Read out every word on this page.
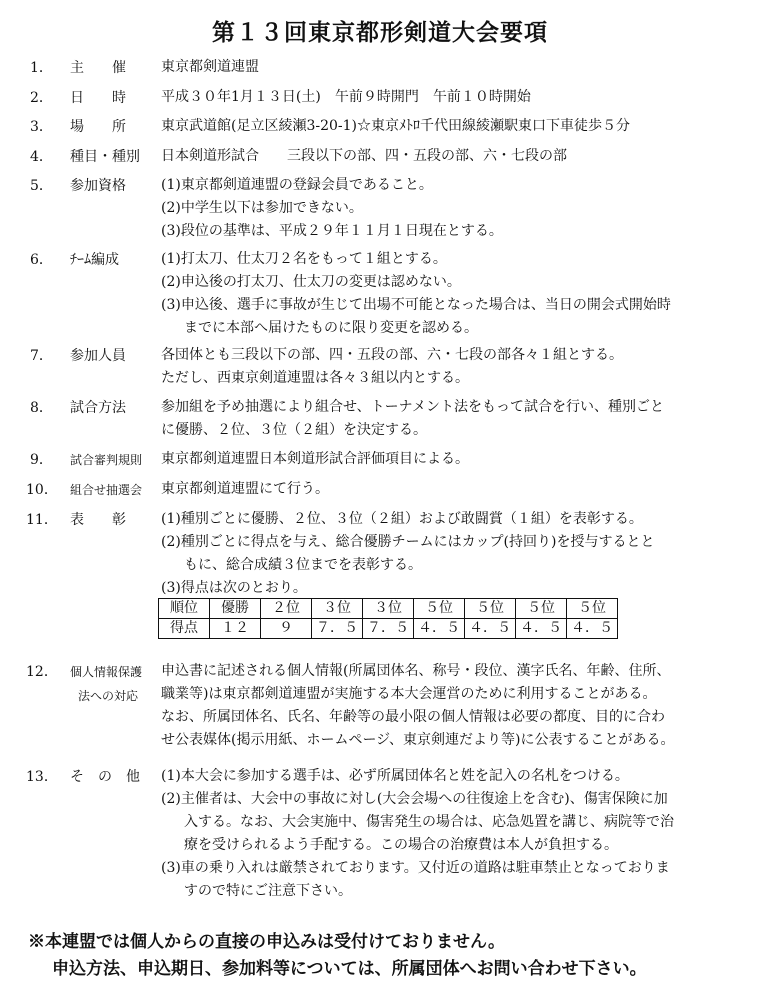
第１３回東京都形剣道大会要項
1． 主　　催	東京都剣道連盟
2． 日　　時	平成３０年1月１３日(土)　午前９時開門　午前１０時開始
3． 場　　所	東京武道館(足立区綾瀬3-20-1)☆東京ﾒﾄﾛ千代田線綾瀬駅東口下車徒歩５分
4． 種目・種別 日本剣道形試合　　三段以下の部、四・五段の部、六・七段の部
5． 参加資格	(1)東京都剣道連盟の登録会員であること。
(2)中学生以下は参加できない。
(3)段位の基準は、平成２９年１１月１日現在とする。
6． ﾁｰﾑ編成	(1)打太刀、仕太刀２名をもって１組とする。
(2)申込後の打太刀、仕太刀の変更は認めない。
(3)申込後、選手に事故が生じて出場不可能となった場合は、当日の開会式開始時
までに本部へ届けたものに限り変更を認める。
7． 参加人員	各団体とも三段以下の部、四・五段の部、六・七段の部各々１組とする。
ただし、西東京剣道連盟は各々３組以内とする。
8． 試合方法	参加組を予め抽選により組合せ、トーナメント法をもって試合を行い、種別ごと
に優勝、２位、３位（２組）を決定する。
9． 試合審判規則 東京都剣道連盟日本剣道形試合評価項目による。
10． 組合せ抽選会 東京都剣道連盟にて行う。
11． 表　　彰	(1)種別ごとに優勝、２位、３位（２組）および敢闘賞（１組）を表彰する。
(2)種別ごとに得点を与え、総合優勝チームにはカップ(持回り)を授与するとと
もに、総合成績３位までを表彰する。
(3)得点は次のとおり。
順位	優勝	２位	３位	３位	５位	５位	５位	５位
得点	１２	９	７．５	７．５	４．５	４．５	４．５	４．５
12． 個人情報保護
法への対応
申込書に記述される個人情報(所属団体名、称号・段位、漢字氏名、年齢、住所、
職業等)は東京都剣道連盟が実施する本大会運営のために利用することがある。
なお、所属団体名、氏名、年齢等の最小限の個人情報は必要の都度、目的に合わ
せ公表媒体(掲示用紙、ホームページ、東京剣連だより等)に公表することがある。
13． そ　の　他 (1)本大会に参加する選手は、必ず所属団体名と姓を記入の名札をつける。
(2)主催者は、大会中の事故に対し(大会会場への往復途上を含む)、傷害保険に加
入する。なお、大会実施中、傷害発生の場合は、応急処置を講じ、病院等で治
療を受けられるよう手配する。この場合の治療費は本人が負担する。
(3)車の乗り入れは厳禁されております。又付近の道路は駐車禁止となっておりま
すので特にご注意下さい。
※本連盟では個人からの直接の申込みは受付けておりません。
申込方法、申込期日、参加料等については、所属団体へお問い合わせ下さい。
